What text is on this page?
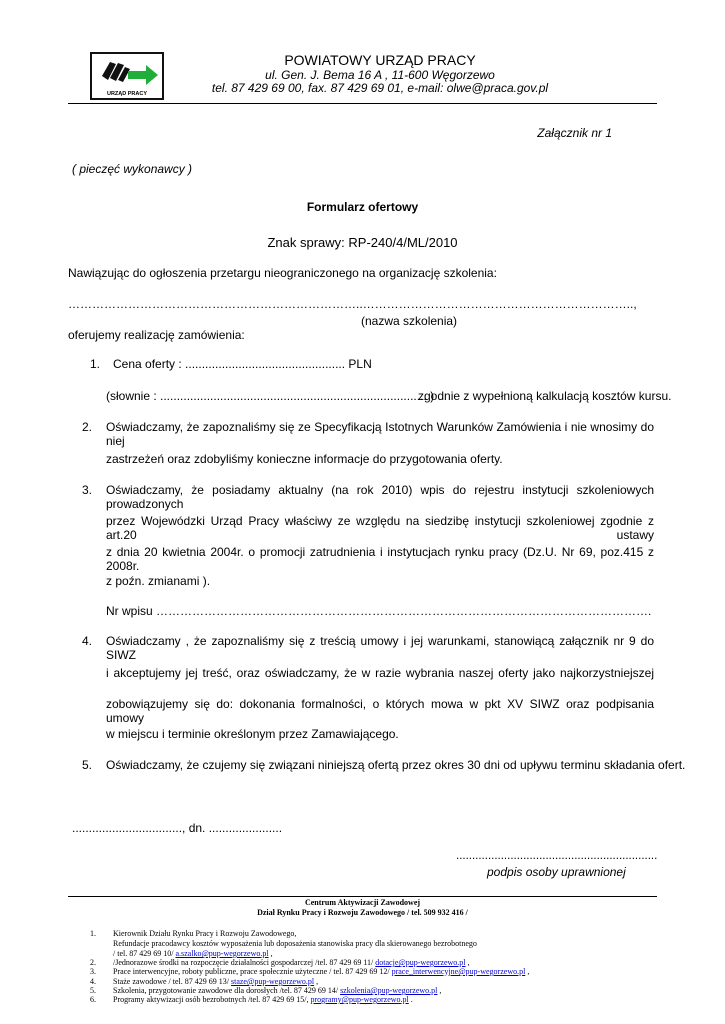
URZĄD PRACY
POWIATOWY URZĄD PRACY
ul. Gen. J. Bema 16 A , 11-600 Węgorzewo
tel. 87 429 69 00, fax. 87 429 69 01, e-mail: olwe@praca.gov.pl
Załącznik nr 1
( pieczęć wykonawcy )
Formularz ofertowy
Znak sprawy: RP-240/4/ML/2010
Nawiązując do ogłoszenia przetargu nieograniczonego na organizację szkolenia:
………………………………………………………………..…………………………………………………………..,
(nazwa szkolenia)
oferujemy realizację zamówienia:
1. Cena oferty : ................................................ PLN
(słownie : ................................................................................ )
zgodnie z wypełnioną kalkulacją kosztów kursu.
2. Oświadczamy, że zapoznaliśmy się ze Specyfikacją Istotnych Warunków Zamówienia i nie wnosimy do niej
zastrzeżeń oraz zdobyliśmy konieczne informacje do przygotowania oferty.
3. Oświadczamy, że posiadamy aktualny (na rok 2010) wpis do rejestru instytucji szkoleniowych prowadzonych
przez Wojewódzki Urząd Pracy właściwy ze względu na siedzibę instytucji szkoleniowej zgodnie z art.20 ustawy
z dnia 20 kwietnia 2004r. o promocji zatrudnienia i instytucjach rynku pracy (Dz.U. Nr 69, poz.415 z 2008r.
z poźn. zmianami ).
Nr wpisu …………………………………………………………………………………………………………….
4. Oświadczamy , że zapoznaliśmy się z treścią umowy i jej warunkami, stanowiącą załącznik nr 9 do SIWZ
i akceptujemy jej treść, oraz oświadczamy, że w razie wybrania naszej oferty jako najkorzystniejszej
zobowiązujemy się do: dokonania formalności, o których mowa w pkt XV SIWZ oraz podpisania umowy
w miejscu i terminie określonym przez Zamawiającego.
5. Oświadczamy, że czujemy się związani niniejszą ofertą przez okres 30 dni od upływu terminu składania ofert.
................................., dn. ......................
...............................................................
podpis osoby uprawnionej
Centrum Aktywizacji Zawodowej
Dział Rynku Pracy i Rozwoju Zawodowego / tel. 509 932 416 /
1. Kierownik Działu Rynku Pracy i Rozwoju Zawodowego,
Refundacje pracodawcy kosztów wyposażenia lub doposażenia stanowiska pracy dla skierowanego bezrobotnego
/ tel. 87 429 69 10/ a.szalko@pup-wegorzewo.pl ,
2. /Jednorazowe środki na rozpoczęcie działalności gospodarczej /tel. 87 429 69 11/ dotacje@pup-wegorzewo.pl ,
3. Prace interwencyjne, roboty publiczne, prace społecznie użyteczne / tel. 87 429 69 12/ prace_interwencyjne@pup-wegorzewo.pl ,
4. Staże zawodowe / tel. 87 429 69 13/ staze@pup-wegorzewo.pl ,
5. Szkolenia, przygotowanie zawodowe dla dorosłych /tel. 87 429 69 14/ szkolenia@pup-wegorzewo.pl ,
6. Programy aktywizacji osób bezrobotnych /tel. 87 429 69 15/, programy@pup-wegorzewo.pl .
